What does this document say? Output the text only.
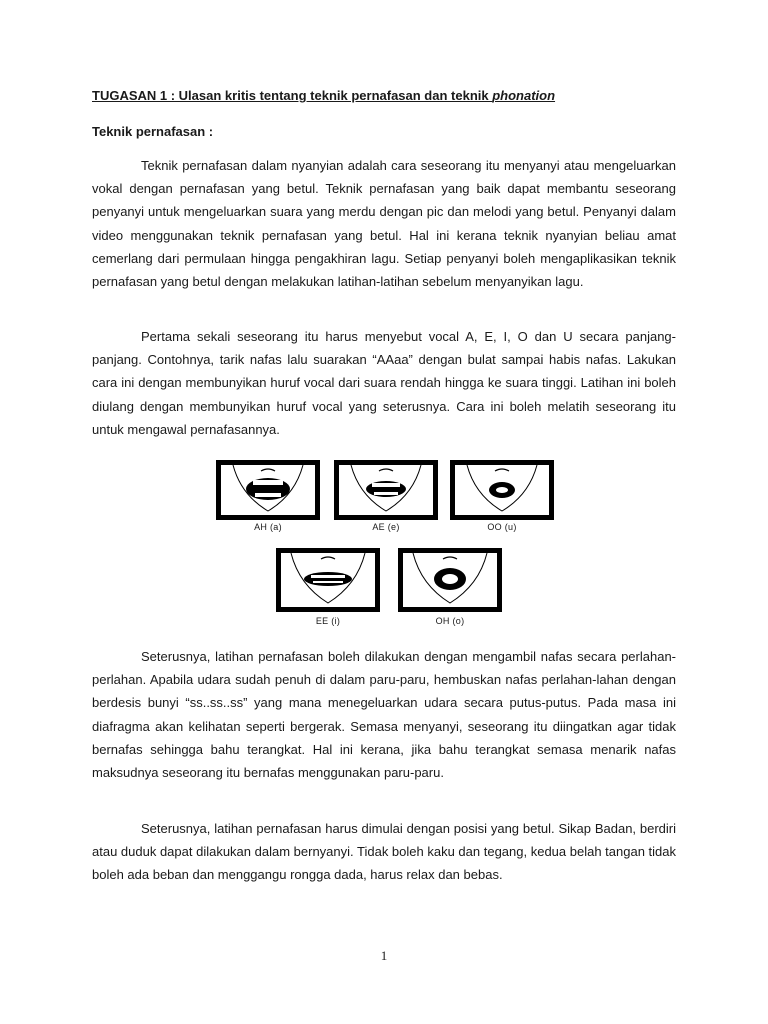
TUGASAN 1 : Ulasan kritis tentang teknik pernafasan dan teknik phonation
Teknik pernafasan :

Teknik pernafasan dalam nyanyian adalah cara seseorang itu menyanyi atau mengeluarkan vokal dengan pernafasan yang betul. Teknik pernafasan yang baik dapat membantu seseorang penyanyi untuk mengeluarkan suara yang merdu dengan pic dan melodi yang betul. Penyanyi dalam video menggunakan teknik pernafasan yang betul. Hal ini kerana teknik nyanyian beliau amat cemerlang dari permulaan hingga pengakhiran lagu. Setiap penyanyi boleh mengaplikasikan teknik pernafasan yang betul dengan melakukan latihan-latihan sebelum menyanyikan lagu.

Pertama sekali seseorang itu harus menyebut vocal A, E, I, O dan U secara panjang-panjang. Contohnya, tarik nafas lalu suarakan “AAaa” dengan bulat sampai habis nafas. Lakukan cara ini dengan membunyikan huruf vocal dari suara rendah hingga ke suara tinggi. Latihan ini boleh diulang dengan membunyikan huruf vocal yang seterusnya. Cara ini boleh melatih seseorang itu untuk mengawal pernafasannya.

AH (a)	AE (e)	OO (u)
EE (i)	OH (o)

Seterusnya, latihan pernafasan boleh dilakukan dengan mengambil nafas secara perlahan-perlahan. Apabila udara sudah penuh di dalam paru-paru, hembuskan nafas perlahan-lahan dengan berdesis bunyi “ss..ss..ss” yang mana menegeluarkan udara secara putus-putus. Pada masa ini diafragma akan kelihatan seperti bergerak. Semasa menyanyi, seseorang itu diingatkan agar tidak bernafas sehingga bahu terangkat. Hal ini kerana, jika bahu terangkat semasa menarik nafas maksudnya seseorang itu bernafas menggunakan paru-paru.

Seterusnya, latihan pernafasan harus dimulai dengan posisi yang betul. Sikap Badan, berdiri atau duduk dapat dilakukan dalam bernyanyi. Tidak boleh kaku dan tegang, kedua belah tangan tidak boleh ada beban dan menggangu rongga dada, harus relax dan bebas.

1
